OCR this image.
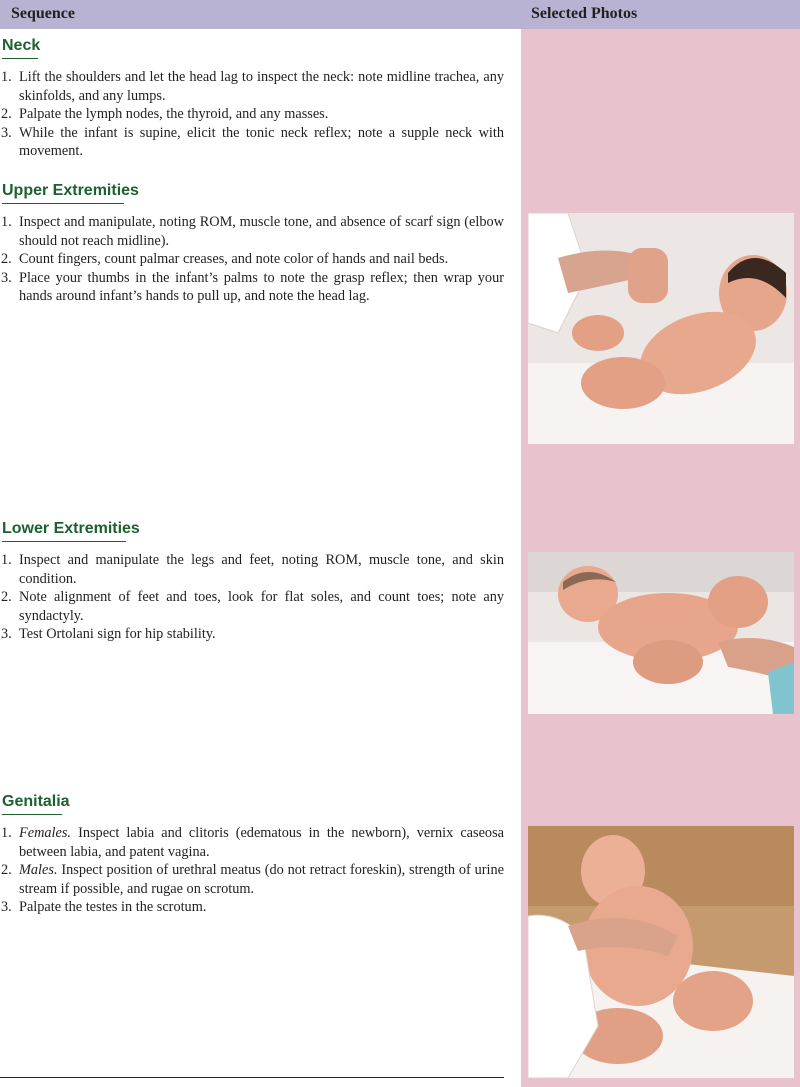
Sequence	Selected Photos
Neck
1. Lift the shoulders and let the head lag to inspect the neck: note midline trachea, any skinfolds, and any lumps.
2. Palpate the lymph nodes, the thyroid, and any masses.
3. While the infant is supine, elicit the tonic neck reflex; note a supple neck with movement.
Upper Extremities
1. Inspect and manipulate, noting ROM, muscle tone, and absence of scarf sign (elbow should not reach midline).
2. Count fingers, count palmar creases, and note color of hands and nail beds.
3. Place your thumbs in the infant’s palms to note the grasp reflex; then wrap your hands around infant’s hands to pull up, and note the head lag.
Lower Extremities
1. Inspect and manipulate the legs and feet, noting ROM, muscle tone, and skin condition.
2. Note alignment of feet and toes, look for flat soles, and count toes; note any syndactyly.
3. Test Ortolani sign for hip stability.
Genitalia
1. Females. Inspect labia and clitoris (edematous in the newborn), vernix caseosa between labia, and patent vagina.
2. Males. Inspect position of urethral meatus (do not retract foreskin), strength of urine stream if possible, and rugae on scrotum.
3. Palpate the testes in the scrotum.
